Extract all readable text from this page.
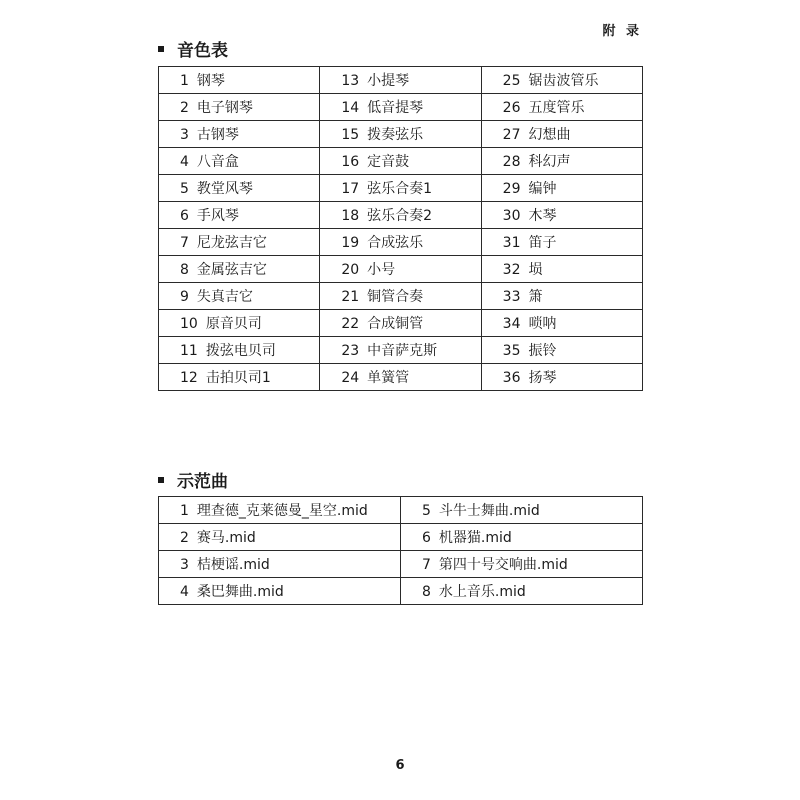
附 录
音色表
1 钢琴	13 小提琴	25 锯齿波管乐
2 电子钢琴	14 低音提琴	26 五度管乐
3 古钢琴	15 拨奏弦乐	27 幻想曲
4 八音盒	16 定音鼓	28 科幻声
5 教堂风琴	17 弦乐合奏1	29 编钟
6 手风琴	18 弦乐合奏2	30 木琴
7 尼龙弦吉它	19 合成弦乐	31 笛子
8 金属弦吉它	20 小号	32 埙
9 失真吉它	21 铜管合奏	33 箫
10 原音贝司	22 合成铜管	34 唢呐
11 拨弦电贝司	23 中音萨克斯	35 振铃
12 击拍贝司1	24 单簧管	36 扬琴
示范曲
1 理查德_克莱德曼_星空.mid	5 斗牛士舞曲.mid
2 赛马.mid	6 机器猫.mid
3 桔梗谣.mid	7 第四十号交响曲.mid
4 桑巴舞曲.mid	8 水上音乐.mid
6
